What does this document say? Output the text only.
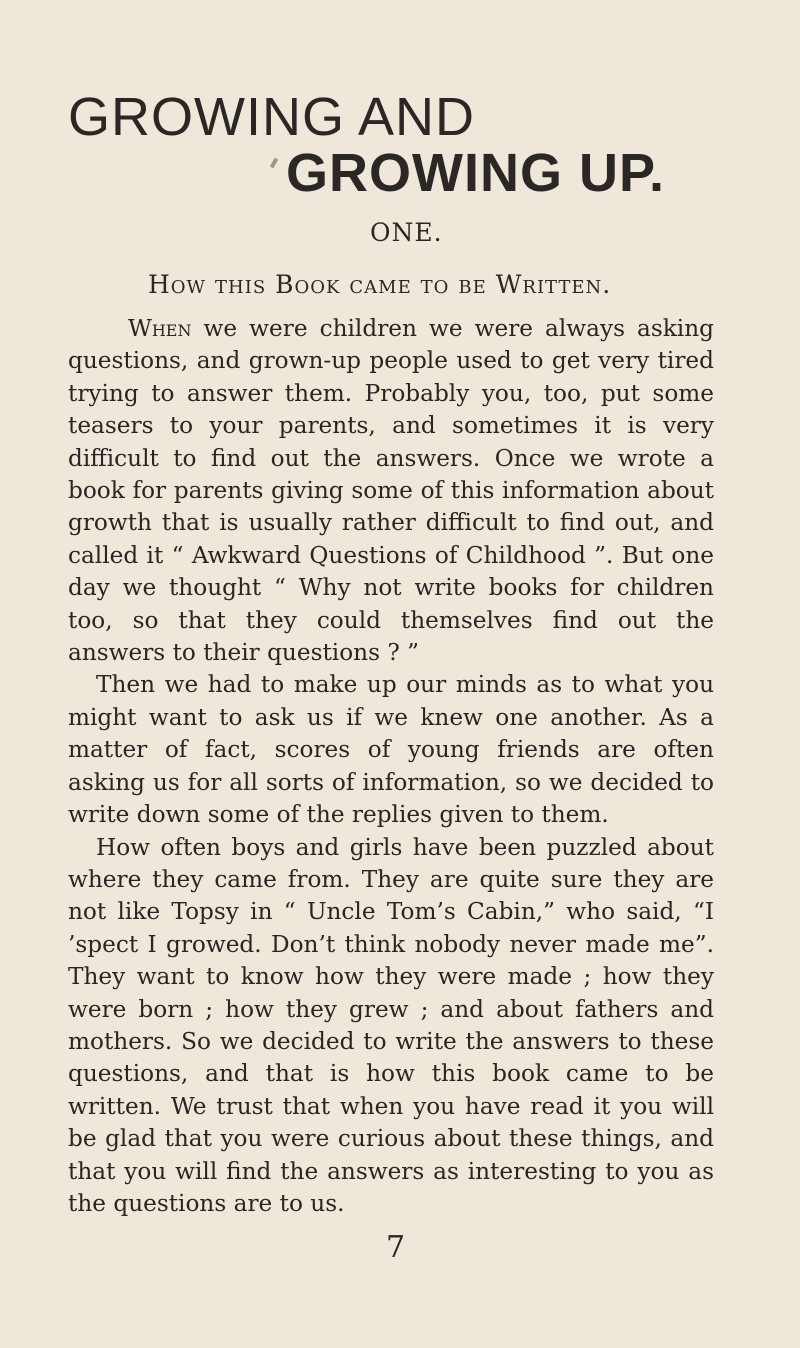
GROWING AND
GROWING UP.
ONE.
How this Book came to be Written.

When we were children we were always asking questions, and grown-up people used to get very tired trying to answer them. Probably you, too, put some teasers to your parents, and sometimes it is very difficult to find out the answers. Once we wrote a book for parents giving some of this information about growth that is usually rather difficult to find out, and called it “ Awkward Questions of Childhood ”. But one day we thought “ Why not write books for children too, so that they could themselves find out the answers to their questions ? ”

Then we had to make up our minds as to what you might want to ask us if we knew one another. As a matter of fact, scores of young friends are often asking us for all sorts of information, so we decided to write down some of the replies given to them.

How often boys and girls have been puzzled about where they came from. They are quite sure they are not like Topsy in “ Uncle Tom’s Cabin,” who said, “I ’spect I growed. Don’t think nobody never made me”. They want to know how they were made ; how they were born ; how they grew ; and about fathers and mothers. So we decided to write the answers to these questions, and that is how this book came to be written. We trust that when you have read it you will be glad that you were curious about these things, and that you will find the answers as interesting to you as the questions are to us.

7
